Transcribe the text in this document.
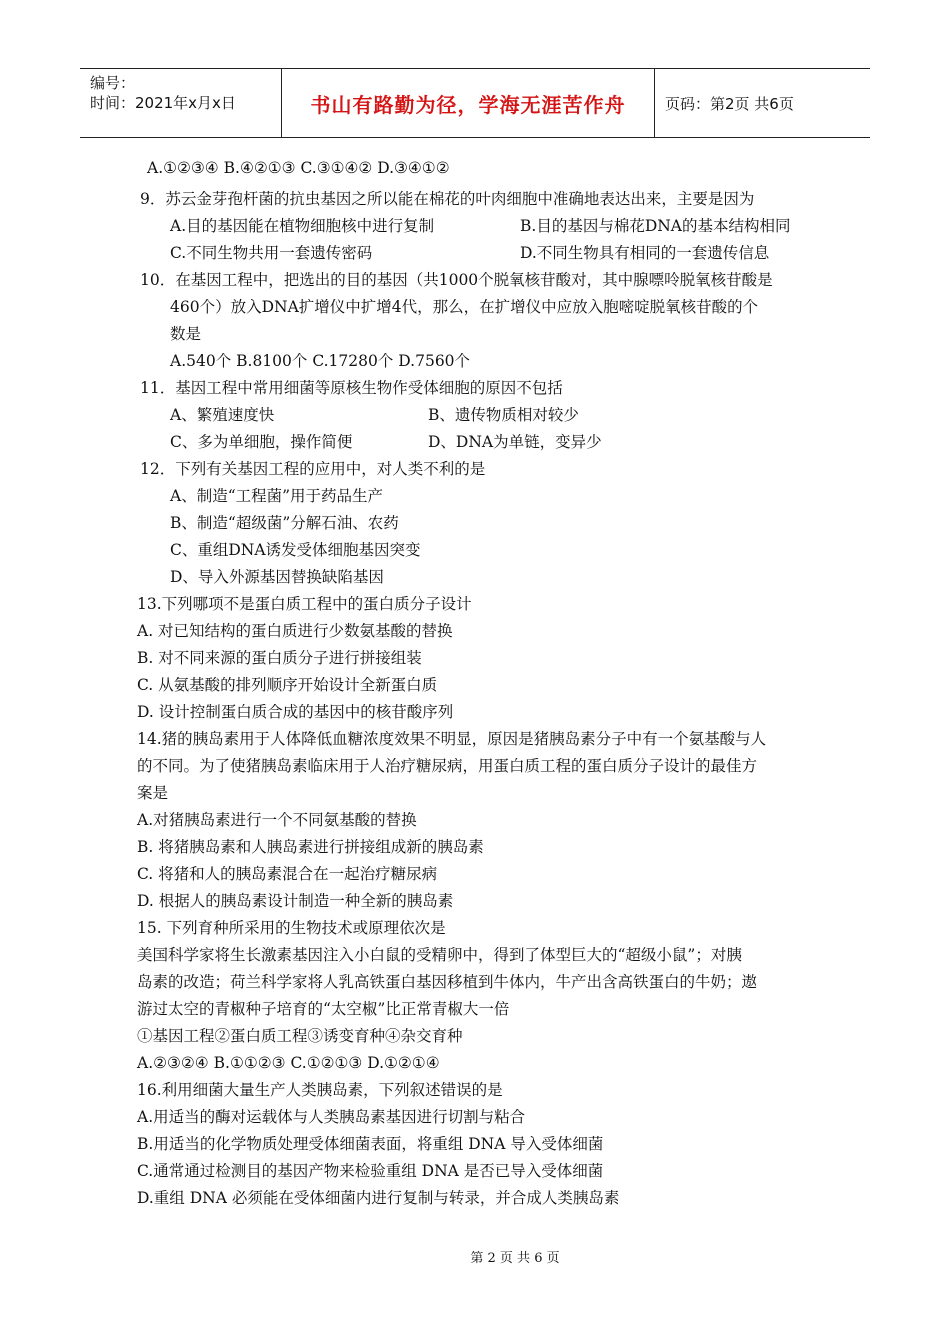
编号：
时间：2021年x月x日	书山有路勤为径，学海无涯苦作舟	页码：第2页 共6页
A.①②③④ B.④②①③ C.③①④② D.③④①②
9．苏云金芽孢杆菌的抗虫基因之所以能在棉花的叶肉细胞中准确地表达出来，主要是因为
A.目的基因能在植物细胞核中进行复制	B.目的基因与棉花DNA的基本结构相同
C.不同生物共用一套遗传密码	D.不同生物具有相同的一套遗传信息
10．在基因工程中，把选出的目的基因（共1000个脱氧核苷酸对，其中腺嘌呤脱氧核苷酸是
460个）放入DNA扩增仪中扩增4代，那么，在扩增仪中应放入胞嘧啶脱氧核苷酸的个
数是
A.540个 B.8100个 C.17280个 D.7560个
11．基因工程中常用细菌等原核生物作受体细胞的原因不包括
A、繁殖速度快	B、遗传物质相对较少
C、多为单细胞，操作简便	D、DNA为单链，变异少
12．下列有关基因工程的应用中，对人类不利的是
A、制造“工程菌”用于药品生产
B、制造“超级菌”分解石油、农药
C、重组DNA诱发受体细胞基因突变
D、导入外源基因替换缺陷基因
13.下列哪项不是蛋白质工程中的蛋白质分子设计
A. 对已知结构的蛋白质进行少数氨基酸的替换
B. 对不同来源的蛋白质分子进行拼接组装
C. 从氨基酸的排列顺序开始设计全新蛋白质
D. 设计控制蛋白质合成的基因中的核苷酸序列
14.猪的胰岛素用于人体降低血糖浓度效果不明显，原因是猪胰岛素分子中有一个氨基酸与人
的不同。为了使猪胰岛素临床用于人治疗糖尿病，用蛋白质工程的蛋白质分子设计的最佳方
案是
A.对猪胰岛素进行一个不同氨基酸的替换
B. 将猪胰岛素和人胰岛素进行拼接组成新的胰岛素
C. 将猪和人的胰岛素混合在一起治疗糖尿病
D. 根据人的胰岛素设计制造一种全新的胰岛素
15. 下列育种所采用的生物技术或原理依次是
美国科学家将生长激素基因注入小白鼠的受精卵中，得到了体型巨大的“超级小鼠”；对胰
岛素的改造；荷兰科学家将人乳高铁蛋白基因移植到牛体内，牛产出含高铁蛋白的牛奶；遨
游过太空的青椒种子培育的“太空椒”比正常青椒大一倍
①基因工程②蛋白质工程③诱变育种④杂交育种
A.②③②④ B.①①②③ C.①②①③ D.①②①④
16.利用细菌大量生产人类胰岛素，下列叙述错误的是
A.用适当的酶对运载体与人类胰岛素基因进行切割与粘合
B.用适当的化学物质处理受体细菌表面，将重组 DNA 导入受体细菌
C.通常通过检测目的基因产物来检验重组 DNA 是否已导入受体细菌
D.重组 DNA 必须能在受体细菌内进行复制与转录，并合成人类胰岛素
第 2 页 共 6 页
